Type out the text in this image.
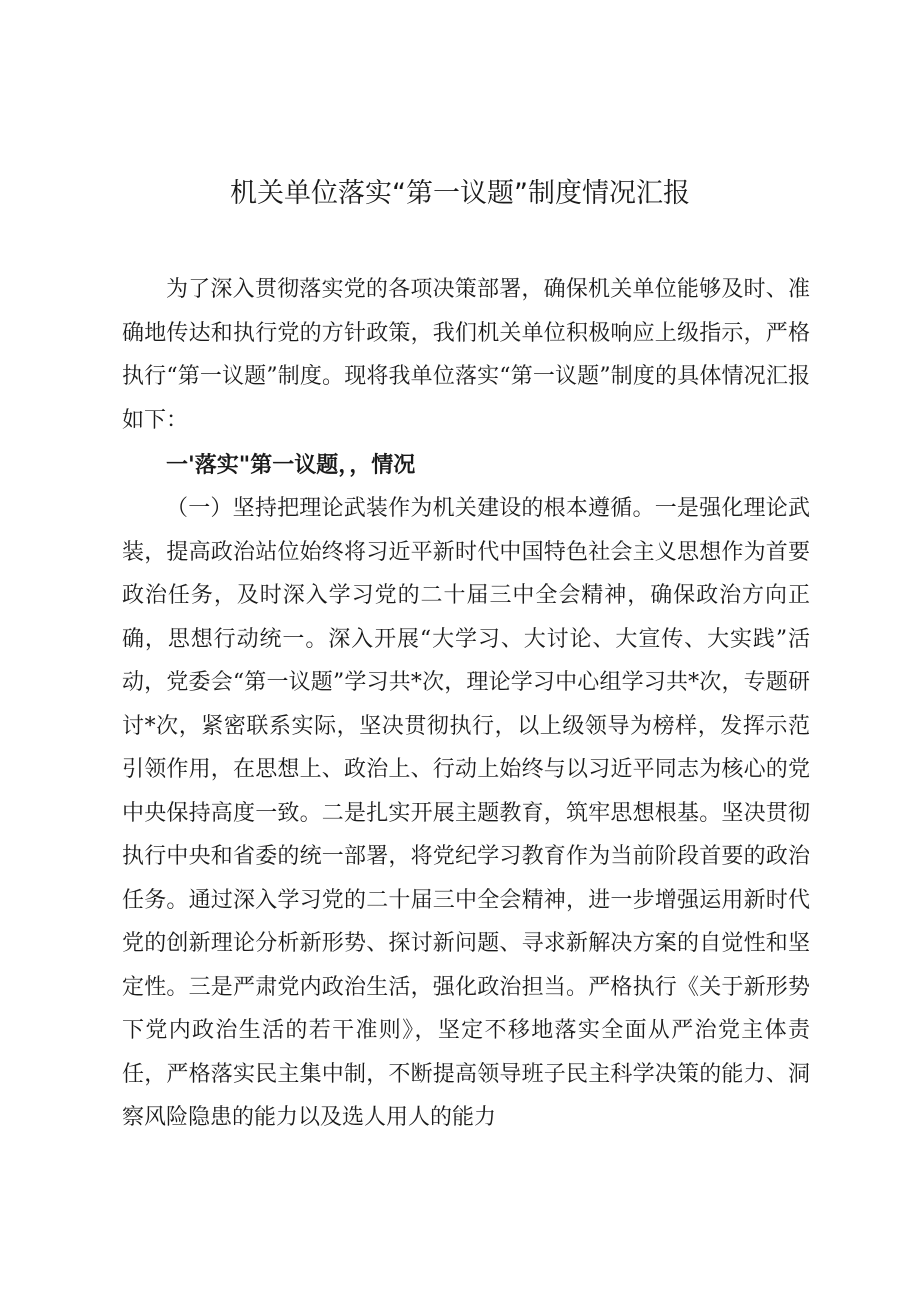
机关单位落实“第一议题”制度情况汇报

为了深入贯彻落实党的各项决策部署，确保机关单位能够及时、准确地传达和执行党的方针政策，我们机关单位积极响应上级指示，严格执行“第一议题”制度。现将我单位落实“第一议题”制度的具体情况汇报如下：

一'落实"第一议题，，情况

（一）坚持把理论武装作为机关建设的根本遵循。一是强化理论武装，提高政治站位始终将习近平新时代中国特色社会主义思想作为首要政治任务，及时深入学习党的二十届三中全会精神，确保政治方向正确，思想行动统一。深入开展“大学习、大讨论、大宣传、大实践”活动，党委会“第一议题”学习共*次，理论学习中心组学习共*次，专题研讨*次，紧密联系实际，坚决贯彻执行，以上级领导为榜样，发挥示范引领作用，在思想上、政治上、行动上始终与以习近平同志为核心的党中央保持高度一致。二是扎实开展主题教育，筑牢思想根基。坚决贯彻执行中央和省委的统一部署，将党纪学习教育作为当前阶段首要的政治任务。通过深入学习党的二十届三中全会精神，进一步增强运用新时代党的创新理论分析新形势、探讨新问题、寻求新解决方案的自觉性和坚定性。三是严肃党内政治生活，强化政治担当。严格执行《关于新形势下党内政治生活的若干准则》，坚定不移地落实全面从严治党主体责任，严格落实民主集中制，不断提高领导班子民主科学决策的能力、洞察风险隐患的能力以及选人用人的能力
